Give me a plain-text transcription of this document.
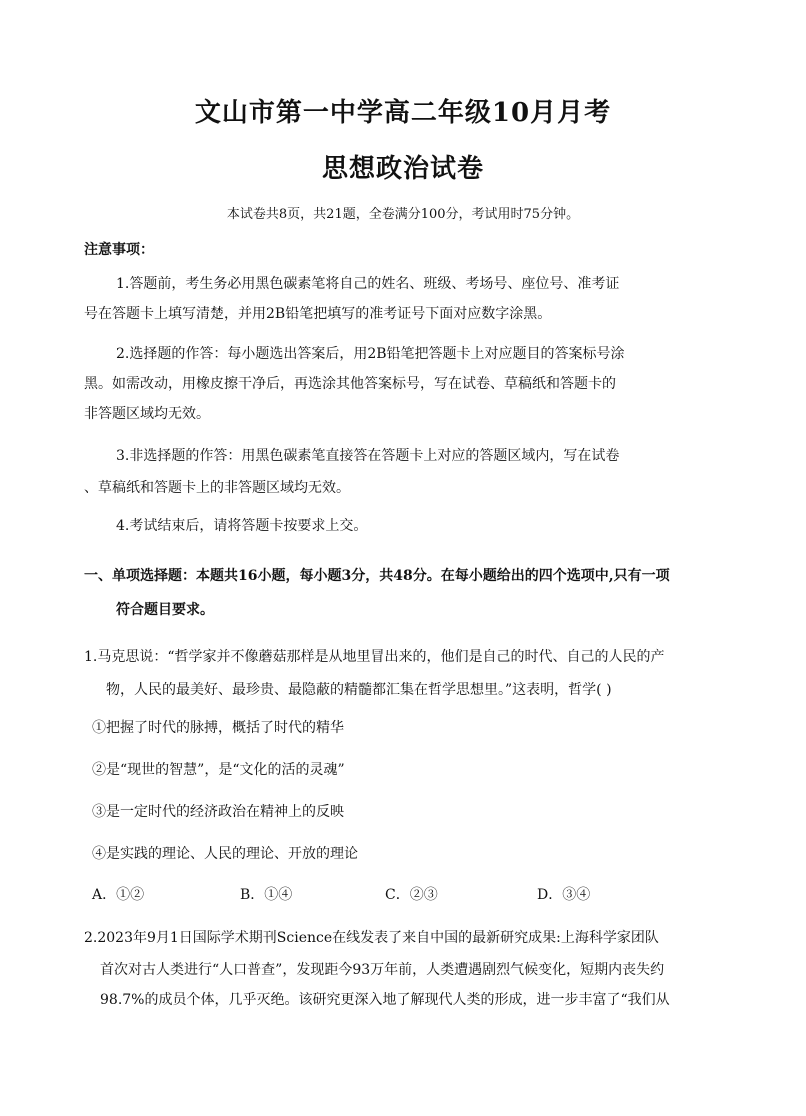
文山市第一中学高二年级10月月考
思想政治试卷
本试卷共8页，共21题，全卷满分100分，考试用时75分钟。
注意事项：
1.答题前，考生务必用黑色碳素笔将自己的姓名、班级、考场号、座位号、准考证
号在答题卡上填写清楚，并用2B铅笔把填写的准考证号下面对应数字涂黑。
2.选择题的作答：每小题选出答案后，用2B铅笔把答题卡上对应题目的答案标号涂
黑。如需改动，用橡皮擦干净后，再选涂其他答案标号，写在试卷、草稿纸和答题卡的
非答题区域均无效。
3.非选择题的作答：用黑色碳素笔直接答在答题卡上对应的答题区域内，写在试卷
、草稿纸和答题卡上的非答题区域均无效。
4.考试结束后，请将答题卡按要求上交。
一、单项选择题：本题共16小题，每小题3分，共48分。在每小题给出的四个选项中,只有一项
符合题目要求。
1.马克思说：“哲学家并不像蘑菇那样是从地里冒出来的，他们是自己的时代、自己的人民的产
物，人民的最美好、最珍贵、最隐蔽的精髓都汇集在哲学思想里。”这表明，哲学( )
①把握了时代的脉搏，概括了时代的精华
②是“现世的智慧”，是“文化的活的灵魂”
③是一定时代的经济政治在精神上的反映
④是实践的理论、人民的理论、开放的理论
A．①②	B．①④	C．②③	D．③④
2.2023年9月1日国际学术期刊Science在线发表了来自中国的最新研究成果:上海科学家团队
首次对古人类进行“人口普查”，发现距今93万年前，人类遭遇剧烈气候变化，短期内丧失约
98.7%的成员个体，几乎灭绝。该研究更深入地了解现代人类的形成，进一步丰富了“我们从
